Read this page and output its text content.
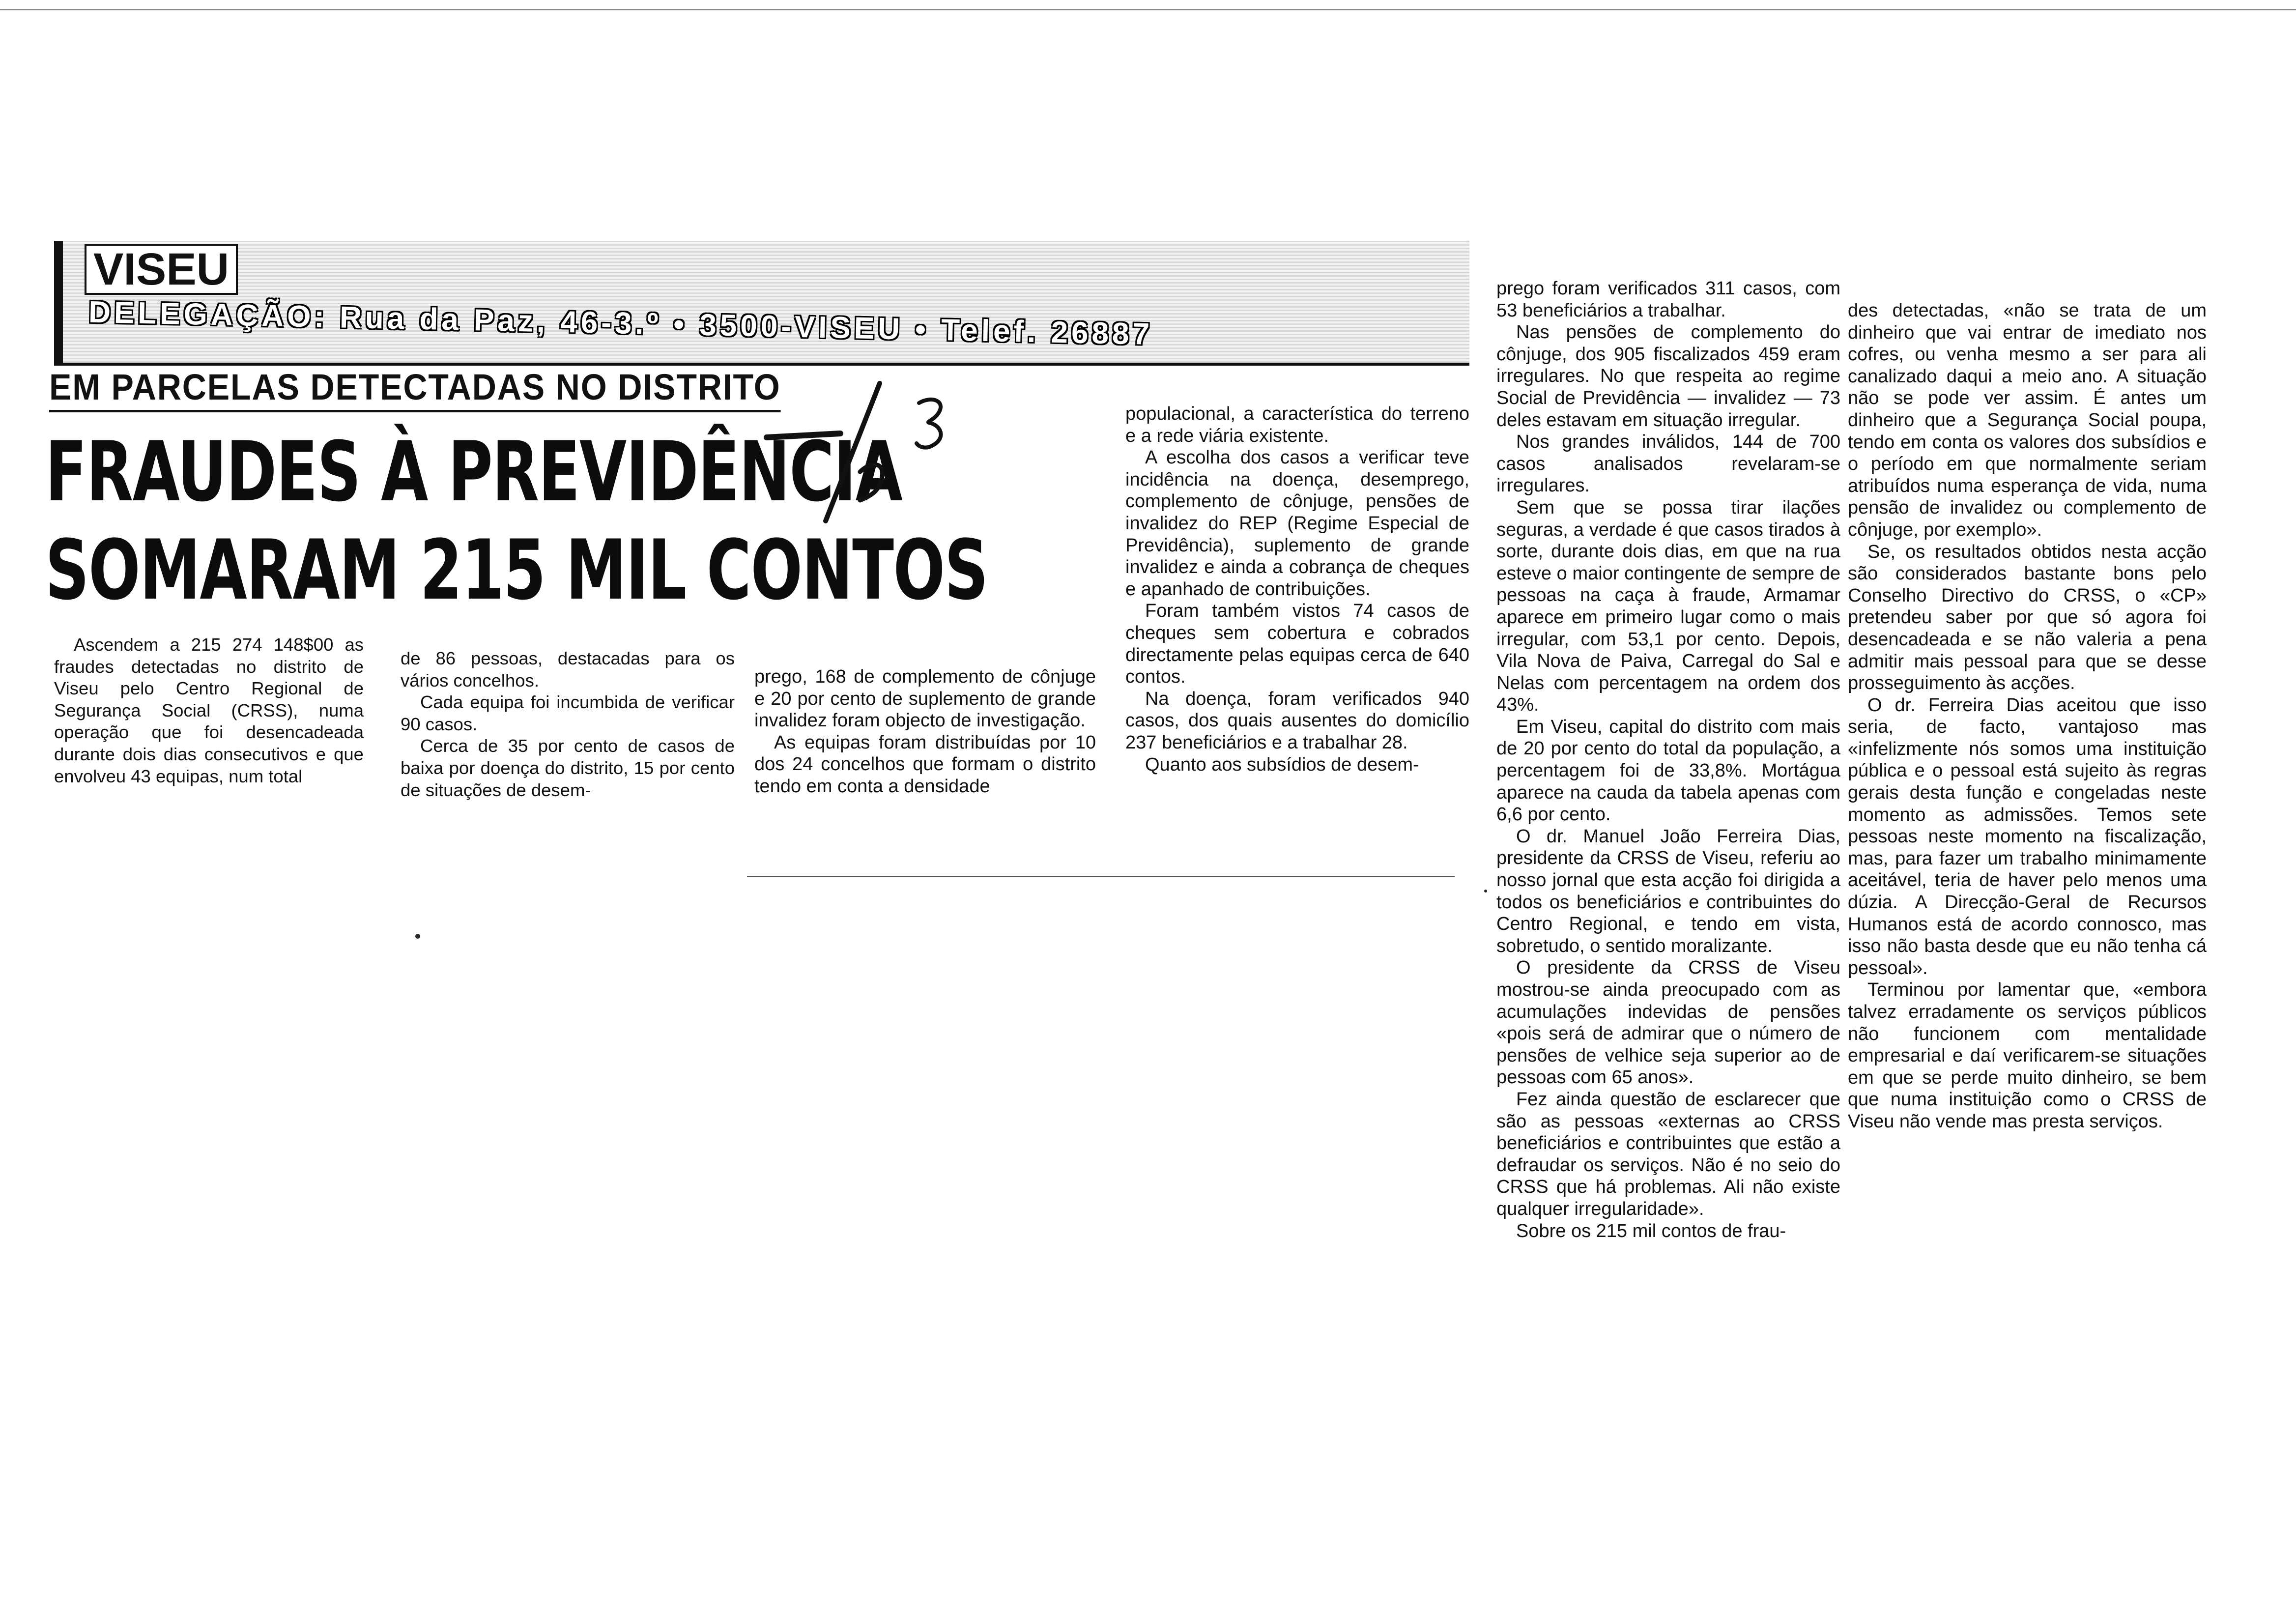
VISEU
DELEGAÇÃO: Rua da Paz, 46-3.º • 3500-VISEU • Telef. 26887
EM PARCELAS DETECTADAS NO DISTRITO
FRAUDES À PREVIDÊNCIA
SOMARAM 215 MIL CONTOS

Ascendem a 215 274 148$00 as fraudes detectadas no distrito de Viseu pelo Centro Regional de Segurança Social (CRSS), numa operação que foi desencadeada durante dois dias consecutivos e que envolveu 43 equipas, num total

de 86 pessoas, destacadas para os vários concelhos.

Cada equipa foi incumbida de verificar 90 casos.

Cerca de 35 por cento de casos de baixa por doença do distrito, 15 por cento de situações de desem-

prego, 168 de complemento de cônjuge e 20 por cento de suplemento de grande invalidez foram objecto de investigação.

As equipas foram distribuídas por 10 dos 24 concelhos que formam o distrito tendo em conta a densidade

populacional, a característica do terreno e a rede viária existente.

A escolha dos casos a verificar teve incidência na doença, desemprego, complemento de cônjuge, pensões de invalidez do REP (Regime Especial de Previdência), suplemento de grande invalidez e ainda a cobrança de cheques e apanhado de contribuições.

Foram também vistos 74 casos de cheques sem cobertura e cobrados directamente pelas equipas cerca de 640 contos.

Na doença, foram verificados 940 casos, dos quais ausentes do domicílio 237 beneficiários e a trabalhar 28.

Quanto aos subsídios de desem-

prego foram verificados 311 casos, com 53 beneficiários a trabalhar.

Nas pensões de complemento do cônjuge, dos 905 fiscalizados 459 eram irregulares. No que respeita ao regime Social de Previdência — invalidez — 73 deles estavam em situação irregular.

Nos grandes inválidos, 144 de 700 casos analisados revelaram-se irregulares.

Sem que se possa tirar ilações seguras, a verdade é que casos tirados à sorte, durante dois dias, em que na rua esteve o maior contingente de sempre de pessoas na caça à fraude, Armamar aparece em primeiro lugar como o mais irregular, com 53,1 por cento. Depois, Vila Nova de Paiva, Carregal do Sal e Nelas com percentagem na ordem dos 43%.

Em Viseu, capital do distrito com mais de 20 por cento do total da população, a percentagem foi de 33,8%. Mortágua aparece na cauda da tabela apenas com 6,6 por cento.

O dr. Manuel João Ferreira Dias, presidente da CRSS de Viseu, referiu ao nosso jornal que esta acção foi dirigida a todos os beneficiários e contribuintes do Centro Regional, e tendo em vista, sobretudo, o sentido moralizante.

O presidente da CRSS de Viseu mostrou-se ainda preocupado com as acumulações indevidas de pensões «pois será de admirar que o número de pensões de velhice seja superior ao de pessoas com 65 anos».

Fez ainda questão de esclarecer que são as pessoas «externas ao CRSS beneficiários e contribuintes que estão a defraudar os serviços. Não é no seio do CRSS que há problemas. Ali não existe qualquer irregularidade».

Sobre os 215 mil contos de frau-

des detectadas, «não se trata de um dinheiro que vai entrar de imediato nos cofres, ou venha mesmo a ser para ali canalizado daqui a meio ano. A situação não se pode ver assim. É antes um dinheiro que a Segurança Social poupa, tendo em conta os valores dos subsídios e o período em que normalmente seriam atribuídos numa esperança de vida, numa pensão de invalidez ou complemento de cônjuge, por exemplo».

Se, os resultados obtidos nesta acção são considerados bastante bons pelo Conselho Directivo do CRSS, o «CP» pretendeu saber por que só agora foi desencadeada e se não valeria a pena admitir mais pessoal para que se desse prosseguimento às acções.

O dr. Ferreira Dias aceitou que isso seria, de facto, vantajoso mas «infelizmente nós somos uma instituição pública e o pessoal está sujeito às regras gerais desta função e congeladas neste momento as admissões. Temos sete pessoas neste momento na fiscalização, mas, para fazer um trabalho minimamente aceitável, teria de haver pelo menos uma dúzia. A Direcção-Geral de Recursos Humanos está de acordo connosco, mas isso não basta desde que eu não tenha cá pessoal».

Terminou por lamentar que, «embora talvez erradamente os serviços públicos não funcionem com mentalidade empresarial e daí verificarem-se situações em que se perde muito dinheiro, se bem que numa instituição como o CRSS de Viseu não vende mas presta serviços.
